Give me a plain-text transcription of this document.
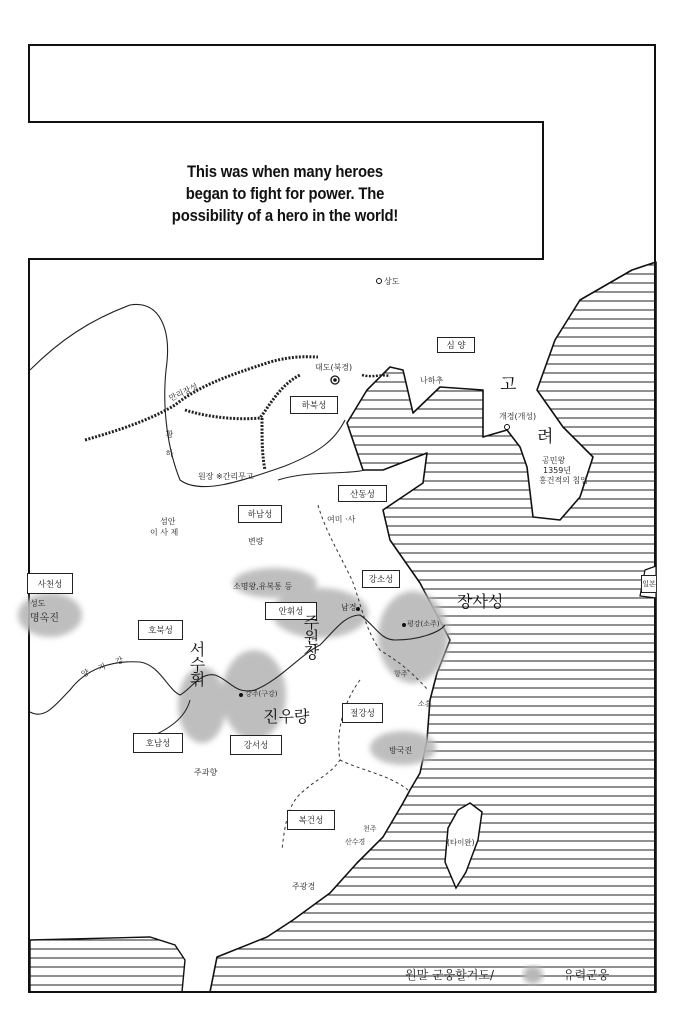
This was when many heroes
began to fight for power. The
possibility of a hero in the world!
심 양
하북성
산동성
하남성
사천성
호북성
안휘성
강소성
절강성
호남성	강서성
복건성
일본
상도
대도(북경)
나하추	고
려
개경(개성)
공민왕
1359년
홍건적의 침입
만리장성
황 하
원장 ※간리무고
섬안
이 사 제
변량
여미 ·사
소명왕,유복통 등
남경	장사성
주원장
서수휘
진우량
방국진
성도
명옥진
양 자 강
평강(소주)
항주
소흥
강주(구강)
주과향
천주
산수경
주광경
(타이완)
원말 군웅할거도/	유력군웅
